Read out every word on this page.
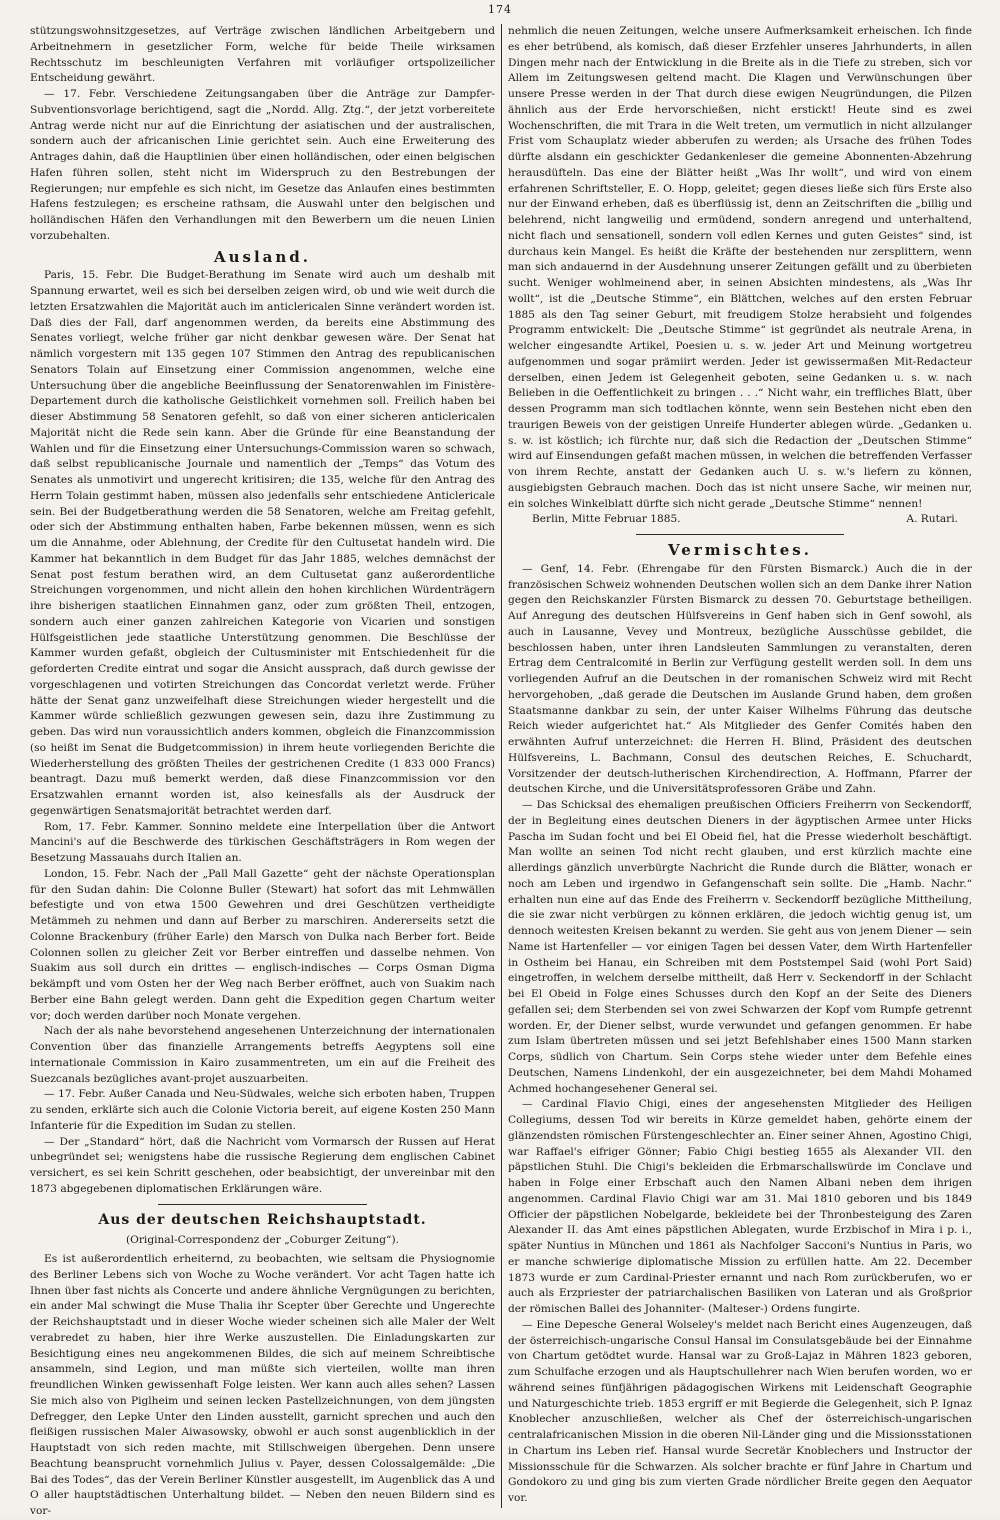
174

stützungswohnsitzgesetzes, auf Verträge zwischen ländlichen Arbeitgebern und Arbeitnehmern in gesetzlicher Form, welche für beide Theile wirksamen Rechtsschutz im beschleunigten Verfahren mit vorläufiger ortspolizeilicher Entscheidung gewährt.

— 17. Febr. Verschiedene Zeitungsangaben über die Anträge zur Dampfer-Subventionsvorlage berichtigend, sagt die „Nordd. Allg. Ztg.“, der jetzt vorbereitete Antrag werde nicht nur auf die Einrichtung der asiatischen und der australischen, sondern auch der africanischen Linie gerichtet sein. Auch eine Erweiterung des Antrages dahin, daß die Hauptlinien über einen holländischen, oder einen belgischen Hafen führen sollen, steht nicht im Widerspruch zu den Bestrebungen der Regierungen; nur empfehle es sich nicht, im Gesetze das Anlaufen eines bestimmten Hafens festzulegen; es erscheine rathsam, die Auswahl unter den belgischen und holländischen Häfen den Verhandlungen mit den Bewerbern um die neuen Linien vorzubehalten.

Ausland.

Paris, 15. Febr. Die Budget-Berathung im Senate wird auch um deshalb mit Spannung erwartet, weil es sich bei derselben zeigen wird, ob und wie weit durch die letzten Ersatzwahlen die Majorität auch im anticlericalen Sinne verändert worden ist. Daß dies der Fall, darf angenommen werden, da bereits eine Abstimmung des Senates vorliegt, welche früher gar nicht denkbar gewesen wäre. Der Senat hat nämlich vorgestern mit 135 gegen 107 Stimmen den Antrag des republicanischen Senators Tolain auf Einsetzung einer Commission angenommen, welche eine Untersuchung über die angebliche Beeinflussung der Senatorenwahlen im Finistère-Departement durch die katholische Geistlichkeit vornehmen soll. Freilich haben bei dieser Abstimmung 58 Senatoren gefehlt, so daß von einer sicheren anticlericalen Majorität nicht die Rede sein kann. Aber die Gründe für eine Beanstandung der Wahlen und für die Einsetzung einer Untersuchungs-Commission waren so schwach, daß selbst republicanische Journale und namentlich der „Temps“ das Votum des Senates als unmotivirt und ungerecht kritisiren; die 135, welche für den Antrag des Herrn Tolain gestimmt haben, müssen also jedenfalls sehr entschiedene Anticlericale sein. Bei der Budgetberathung werden die 58 Senatoren, welche am Freitag gefehlt, oder sich der Abstimmung enthalten haben, Farbe bekennen müssen, wenn es sich um die Annahme, oder Ablehnung, der Credite für den Cultusetat handeln wird. Die Kammer hat bekanntlich in dem Budget für das Jahr 1885, welches demnächst der Senat post festum berathen wird, an dem Cultusetat ganz außerordentliche Streichungen vorgenommen, und nicht allein den hohen kirchlichen Würdenträgern ihre bisherigen staatlichen Einnahmen ganz, oder zum größten Theil, entzogen, sondern auch einer ganzen zahlreichen Kategorie von Vicarien und sonstigen Hülfsgeistlichen jede staatliche Unterstützung genommen. Die Beschlüsse der Kammer wurden gefaßt, obgleich der Cultusminister mit Entschiedenheit für die geforderten Credite eintrat und sogar die Ansicht aussprach, daß durch gewisse der vorgeschlagenen und votirten Streichungen das Concordat verletzt werde. Früher hätte der Senat ganz unzweifelhaft diese Streichungen wieder hergestellt und die Kammer würde schließlich gezwungen gewesen sein, dazu ihre Zustimmung zu geben. Das wird nun voraussichtlich anders kommen, obgleich die Finanzcommission (so heißt im Senat die Budgetcommission) in ihrem heute vorliegenden Berichte die Wiederherstellung des größten Theiles der gestrichenen Credite (1 833 000 Francs) beantragt. Dazu muß bemerkt werden, daß diese Finanzcommission vor den Ersatzwahlen ernannt worden ist, also keinesfalls als der Ausdruck der gegenwärtigen Senatsmajorität betrachtet werden darf.

Rom, 17. Febr. Kammer. Sonnino meldete eine Interpellation über die Antwort Mancini's auf die Beschwerde des türkischen Geschäftsträgers in Rom wegen der Besetzung Massauahs durch Italien an.

London, 15. Febr. Nach der „Pall Mall Gazette“ geht der nächste Operationsplan für den Sudan dahin: Die Colonne Buller (Stewart) hat sofort das mit Lehmwällen befestigte und von etwa 1500 Gewehren und drei Geschützen vertheidigte Metämmeh zu nehmen und dann auf Berber zu marschiren. Andererseits setzt die Colonne Brackenbury (früher Earle) den Marsch von Dulka nach Berber fort. Beide Colonnen sollen zu gleicher Zeit vor Berber eintreffen und dasselbe nehmen. Von Suakim aus soll durch ein drittes — englisch-indisches — Corps Osman Digma bekämpft und vom Osten her der Weg nach Berber eröffnet, auch von Suakim nach Berber eine Bahn gelegt werden. Dann geht die Expedition gegen Chartum weiter vor; doch werden darüber noch Monate vergehen.

Nach der als nahe bevorstehend angesehenen Unterzeichnung der internationalen Convention über das finanzielle Arrangements betreffs Aegyptens soll eine internationale Commission in Kairo zusammentreten, um ein auf die Freiheit des Suezcanals bezügliches avant-projet auszuarbeiten.

— 17. Febr. Außer Canada und Neu-Südwales, welche sich erboten haben, Truppen zu senden, erklärte sich auch die Colonie Victoria bereit, auf eigene Kosten 250 Mann Infanterie für die Expedition im Sudan zu stellen.

— Der „Standard“ hört, daß die Nachricht vom Vormarsch der Russen auf Herat unbegründet sei; wenigstens habe die russische Regierung dem englischen Cabinet versichert, es sei kein Schritt geschehen, oder beabsichtigt, der unvereinbar mit den 1873 abgegebenen diplomatischen Erklärungen wäre.

Aus der deutschen Reichshauptstadt.
(Original-Correspondenz der „Coburger Zeitung“).

Es ist außerordentlich erheiternd, zu beobachten, wie seltsam die Physiognomie des Berliner Lebens sich von Woche zu Woche verändert. Vor acht Tagen hatte ich Ihnen über fast nichts als Concerte und andere ähnliche Vergnügungen zu berichten, ein ander Mal schwingt die Muse Thalia ihr Scepter über Gerechte und Ungerechte der Reichshauptstadt und in dieser Woche wieder scheinen sich alle Maler der Welt verabredet zu haben, hier ihre Werke auszustellen. Die Einladungskarten zur Besichtigung eines neu angekommenen Bildes, die sich auf meinem Schreibtische ansammeln, sind Legion, und man müßte sich vierteilen, wollte man ihren freundlichen Winken gewissenhaft Folge leisten. Wer kann auch alles sehen? Lassen Sie mich also von Piglheim und seinen lecken Pastellzeichnungen, von dem jüngsten Defregger, den Lepke Unter den Linden ausstellt, garnicht sprechen und auch den fleißigen russischen Maler Aiwasowsky, obwohl er auch sonst augenblicklich in der Hauptstadt von sich reden machte, mit Stillschweigen übergehen. Denn unsere Beachtung beansprucht vornehmlich Julius v. Payer, dessen Colossalgemälde: „Die Bai des Todes“, das der Verein Berliner Künstler ausgestellt, im Augenblick das A und O aller hauptstädtischen Unterhaltung bildet. — Neben den neuen Bildern sind es vor-

nehmlich die neuen Zeitungen, welche unsere Aufmerksamkeit erheischen. Ich finde es eher betrübend, als komisch, daß dieser Erzfehler unseres Jahrhunderts, in allen Dingen mehr nach der Entwicklung in die Breite als in die Tiefe zu streben, sich vor Allem im Zeitungswesen geltend macht. Die Klagen und Verwünschungen über unsere Presse werden in der That durch diese ewigen Neugründungen, die Pilzen ähnlich aus der Erde hervorschießen, nicht erstickt! Heute sind es zwei Wochenschriften, die mit Trara in die Welt treten, um vermutlich in nicht allzulanger Frist vom Schauplatz wieder abberufen zu werden; als Ursache des frühen Todes dürfte alsdann ein geschickter Gedankenleser die gemeine Abonnenten-Abzehrung herausdüfteln. Das eine der Blätter heißt „Was Ihr wollt“, und wird von einem erfahrenen Schriftsteller, E. O. Hopp, geleitet; gegen dieses ließe sich fürs Erste also nur der Einwand erheben, daß es überflüssig ist, denn an Zeitschriften die „billig und belehrend, nicht langweilig und ermüdend, sondern anregend und unterhaltend, nicht flach und sensationell, sondern voll edlen Kernes und guten Geistes“ sind, ist durchaus kein Mangel. Es heißt die Kräfte der bestehenden nur zersplittern, wenn man sich andauernd in der Ausdehnung unserer Zeitungen gefällt und zu überbieten sucht. Weniger wohlmeinend aber, in seinen Absichten mindestens, als „Was Ihr wollt“, ist die „Deutsche Stimme“, ein Blättchen, welches auf den ersten Februar 1885 als den Tag seiner Geburt, mit freudigem Stolze herabsieht und folgendes Programm entwickelt: Die „Deutsche Stimme“ ist gegründet als neutrale Arena, in welcher eingesandte Artikel, Poesien u. s. w. jeder Art und Meinung wortgetreu aufgenommen und sogar prämiirt werden. Jeder ist gewissermaßen Mit-Redacteur derselben, einen Jedem ist Gelegenheit geboten, seine Gedanken u. s. w. nach Belieben in die Oeffentlichkeit zu bringen . . .“ Nicht wahr, ein treffliches Blatt, über dessen Programm man sich todtlachen könnte, wenn sein Bestehen nicht eben den traurigen Beweis von der geistigen Unreife Hunderter ablegen würde. „Gedanken u. s. w. ist köstlich; ich fürchte nur, daß sich die Redaction der „Deutschen Stimme“ wird auf Einsendungen gefaßt machen müssen, in welchen die betreffenden Verfasser von ihrem Rechte, anstatt der Gedanken auch U. s. w.'s liefern zu können, ausgiebigsten Gebrauch machen. Doch das ist nicht unsere Sache, wir meinen nur, ein solches Winkelblatt dürfte sich nicht gerade „Deutsche Stimme“ nennen!

Berlin, Mitte Februar 1885.	A. Rutari.
Vermischtes.

— Genf, 14. Febr. (Ehrengabe für den Fürsten Bismarck.) Auch die in der französischen Schweiz wohnenden Deutschen wollen sich an dem Danke ihrer Nation gegen den Reichskanzler Fürsten Bismarck zu dessen 70. Geburtstage betheiligen. Auf Anregung des deutschen Hülfsvereins in Genf haben sich in Genf sowohl, als auch in Lausanne, Vevey und Montreux, bezügliche Ausschüsse gebildet, die beschlossen haben, unter ihren Landsleuten Sammlungen zu veranstalten, deren Ertrag dem Centralcomité in Berlin zur Verfügung gestellt werden soll. In dem uns vorliegenden Aufruf an die Deutschen in der romanischen Schweiz wird mit Recht hervorgehoben, „daß gerade die Deutschen im Auslande Grund haben, dem großen Staatsmanne dankbar zu sein, der unter Kaiser Wilhelms Führung das deutsche Reich wieder aufgerichtet hat.“ Als Mitglieder des Genfer Comités haben den erwähnten Aufruf unterzeichnet: die Herren H. Blind, Präsident des deutschen Hülfsvereins, L. Bachmann, Consul des deutschen Reiches, E. Schuchardt, Vorsitzender der deutsch-lutherischen Kirchendirection, A. Hoffmann, Pfarrer der deutschen Kirche, und die Universitätsprofessoren Gräbe und Zahn.

— Das Schicksal des ehemaligen preußischen Officiers Freiherrn von Seckendorff, der in Begleitung eines deutschen Dieners in der ägyptischen Armee unter Hicks Pascha im Sudan focht und bei El Obeid fiel, hat die Presse wiederholt beschäftigt. Man wollte an seinen Tod nicht recht glauben, und erst kürzlich machte eine allerdings gänzlich unverbürgte Nachricht die Runde durch die Blätter, wonach er noch am Leben und irgendwo in Gefangenschaft sein sollte. Die „Hamb. Nachr.“ erhalten nun eine auf das Ende des Freiherrn v. Seckendorff bezügliche Mittheilung, die sie zwar nicht verbürgen zu können erklären, die jedoch wichtig genug ist, um dennoch weitesten Kreisen bekannt zu werden. Sie geht aus von jenem Diener — sein Name ist Hartenfeller — vor einigen Tagen bei dessen Vater, dem Wirth Hartenfeller in Ostheim bei Hanau, ein Schreiben mit dem Poststempel Said (wohl Port Said) eingetroffen, in welchem derselbe mittheilt, daß Herr v. Seckendorff in der Schlacht bei El Obeid in Folge eines Schusses durch den Kopf an der Seite des Dieners gefallen sei; dem Sterbenden sei von zwei Schwarzen der Kopf vom Rumpfe getrennt worden. Er, der Diener selbst, wurde verwundet und gefangen genommen. Er habe zum Islam übertreten müssen und sei jetzt Befehlshaber eines 1500 Mann starken Corps, südlich von Chartum. Sein Corps stehe wieder unter dem Befehle eines Deutschen, Namens Lindenkohl, der ein ausgezeichneter, bei dem Mahdi Mohamed Achmed hochangesehener General sei.

— Cardinal Flavio Chigi, eines der angesehensten Mitglieder des Heiligen Collegiums, dessen Tod wir bereits in Kürze gemeldet haben, gehörte einem der glänzendsten römischen Fürstengeschlechter an. Einer seiner Ahnen, Agostino Chigi, war Raffael's eifriger Gönner; Fabio Chigi bestieg 1655 als Alexander VII. den päpstlichen Stuhl. Die Chigi's bekleiden die Erbmarschallswürde im Conclave und haben in Folge einer Erbschaft auch den Namen Albani neben dem ihrigen angenommen. Cardinal Flavio Chigi war am 31. Mai 1810 geboren und bis 1849 Officier der päpstlichen Nobelgarde, bekleidete bei der Thronbesteigung des Zaren Alexander II. das Amt eines päpstlichen Ablegaten, wurde Erzbischof in Mira i p. i., später Nuntius in München und 1861 als Nachfolger Sacconi's Nuntius in Paris, wo er manche schwierige diplomatische Mission zu erfüllen hatte. Am 22. December 1873 wurde er zum Cardinal-Priester ernannt und nach Rom zurückberufen, wo er auch als Erzpriester der patriarchalischen Basiliken von Lateran und als Großprior der römischen Ballei des Johanniter- (Malteser-) Ordens fungirte.

— Eine Depesche General Wolseley's meldet nach Bericht eines Augenzeugen, daß der österreichisch-ungarische Consul Hansal im Consulatsgebäude bei der Einnahme von Chartum getödtet wurde. Hansal war zu Groß-Lajaz in Mähren 1823 geboren, zum Schulfache erzogen und als Hauptschullehrer nach Wien berufen worden, wo er während seines fünfjährigen pädagogischen Wirkens mit Leidenschaft Geographie und Naturgeschichte trieb. 1853 ergriff er mit Begierde die Gelegenheit, sich P. Ignaz Knoblecher anzuschließen, welcher als Chef der österreichisch-ungarischen centralafricanischen Mission in die oberen Nil-Länder ging und die Missionsstationen in Chartum ins Leben rief. Hansal wurde Secretär Knoblechers und Instructor der Missionsschule für die Schwarzen. Als solcher brachte er fünf Jahre in Chartum und Gondokoro zu und ging bis zum vierten Grade nördlicher Breite gegen den Aequator vor.
